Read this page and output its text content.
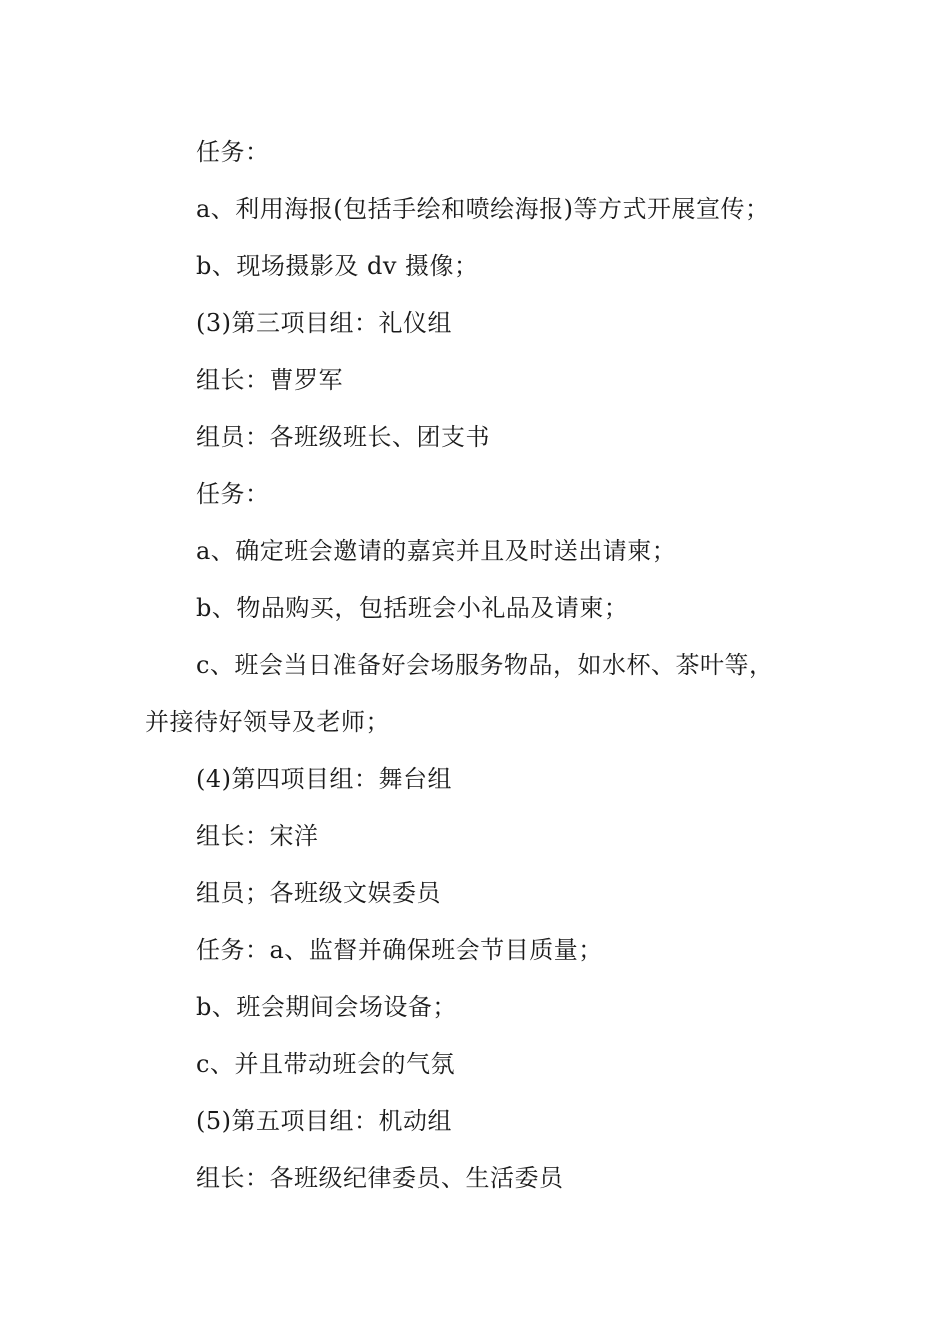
任务：
a、利用海报(包括手绘和喷绘海报)等方式开展宣传；
b、现场摄影及 dv 摄像；
(3)第三项目组：礼仪组
组长：曹罗军
组员：各班级班长、团支书
任务：
a、确定班会邀请的嘉宾并且及时送出请柬；
b、物品购买，包括班会小礼品及请柬；
c、班会当日准备好会场服务物品，如水杯、茶叶等，
并接待好领导及老师；
(4)第四项目组：舞台组
组长：宋洋
组员；各班级文娱委员
任务：a、监督并确保班会节目质量；
b、班会期间会场设备；
c、并且带动班会的气氛
(5)第五项目组：机动组
组长：各班级纪律委员、生活委员
